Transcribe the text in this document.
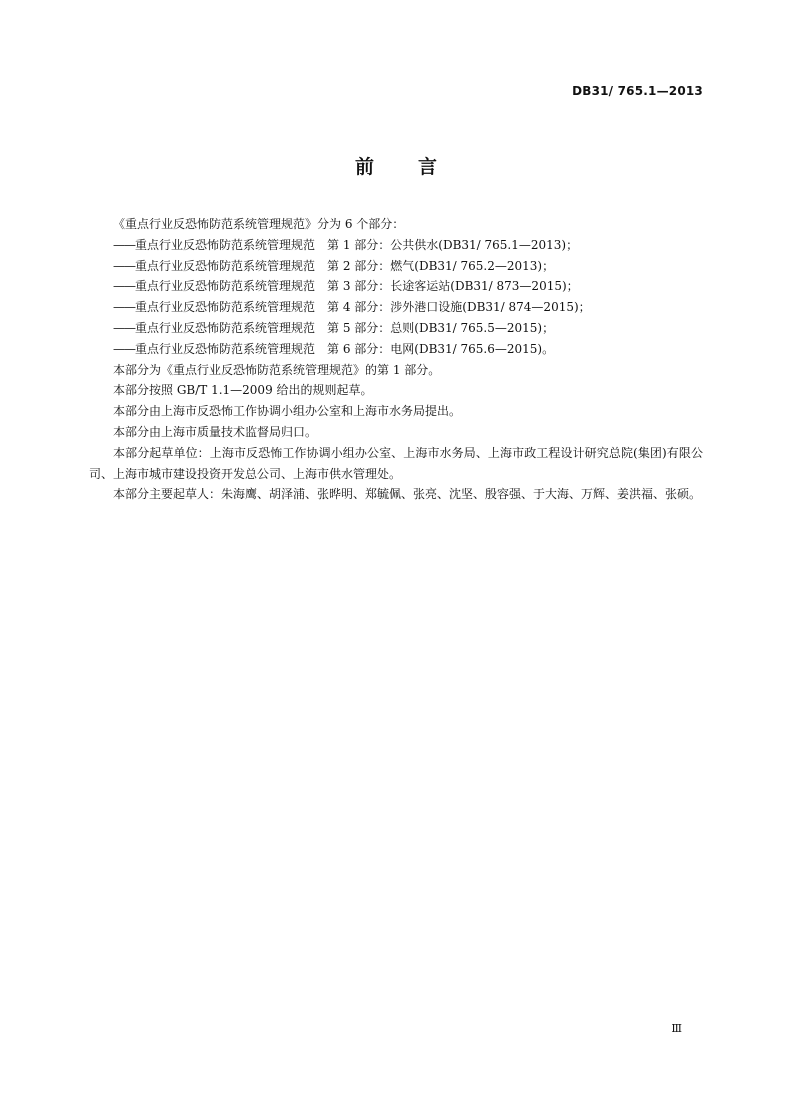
DB31/ 765.1—2013
前言

《重点行业反恐怖防范系统管理规范》分为 6 个部分：

——重点行业反恐怖防范系统管理规范 第 1 部分：公共供水(DB31/ 765.1—2013)；
——重点行业反恐怖防范系统管理规范 第 2 部分：燃气(DB31/ 765.2—2013)；
——重点行业反恐怖防范系统管理规范 第 3 部分：长途客运站(DB31/ 873—2015)；
——重点行业反恐怖防范系统管理规范 第 4 部分：涉外港口设施(DB31/ 874—2015)；
——重点行业反恐怖防范系统管理规范 第 5 部分：总则(DB31/ 765.5—2015)；
——重点行业反恐怖防范系统管理规范 第 6 部分：电网(DB31/ 765.6—2015)。

本部分为《重点行业反恐怖防范系统管理规范》的第 1 部分。

本部分按照 GB/T 1.1—2009 给出的规则起草。

本部分由上海市反恐怖工作协调小组办公室和上海市水务局提出。

本部分由上海市质量技术监督局归口。

本部分起草单位：上海市反恐怖工作协调小组办公室、上海市水务局、上海市政工程设计研究总院(集团)有限公司、上海市城市建设投资开发总公司、上海市供水管理处。

本部分主要起草人：朱海鹰、胡泽浦、张晔明、郑毓佩、张亮、沈坚、殷容强、于大海、万辉、姜洪福、张硕。

Ⅲ
